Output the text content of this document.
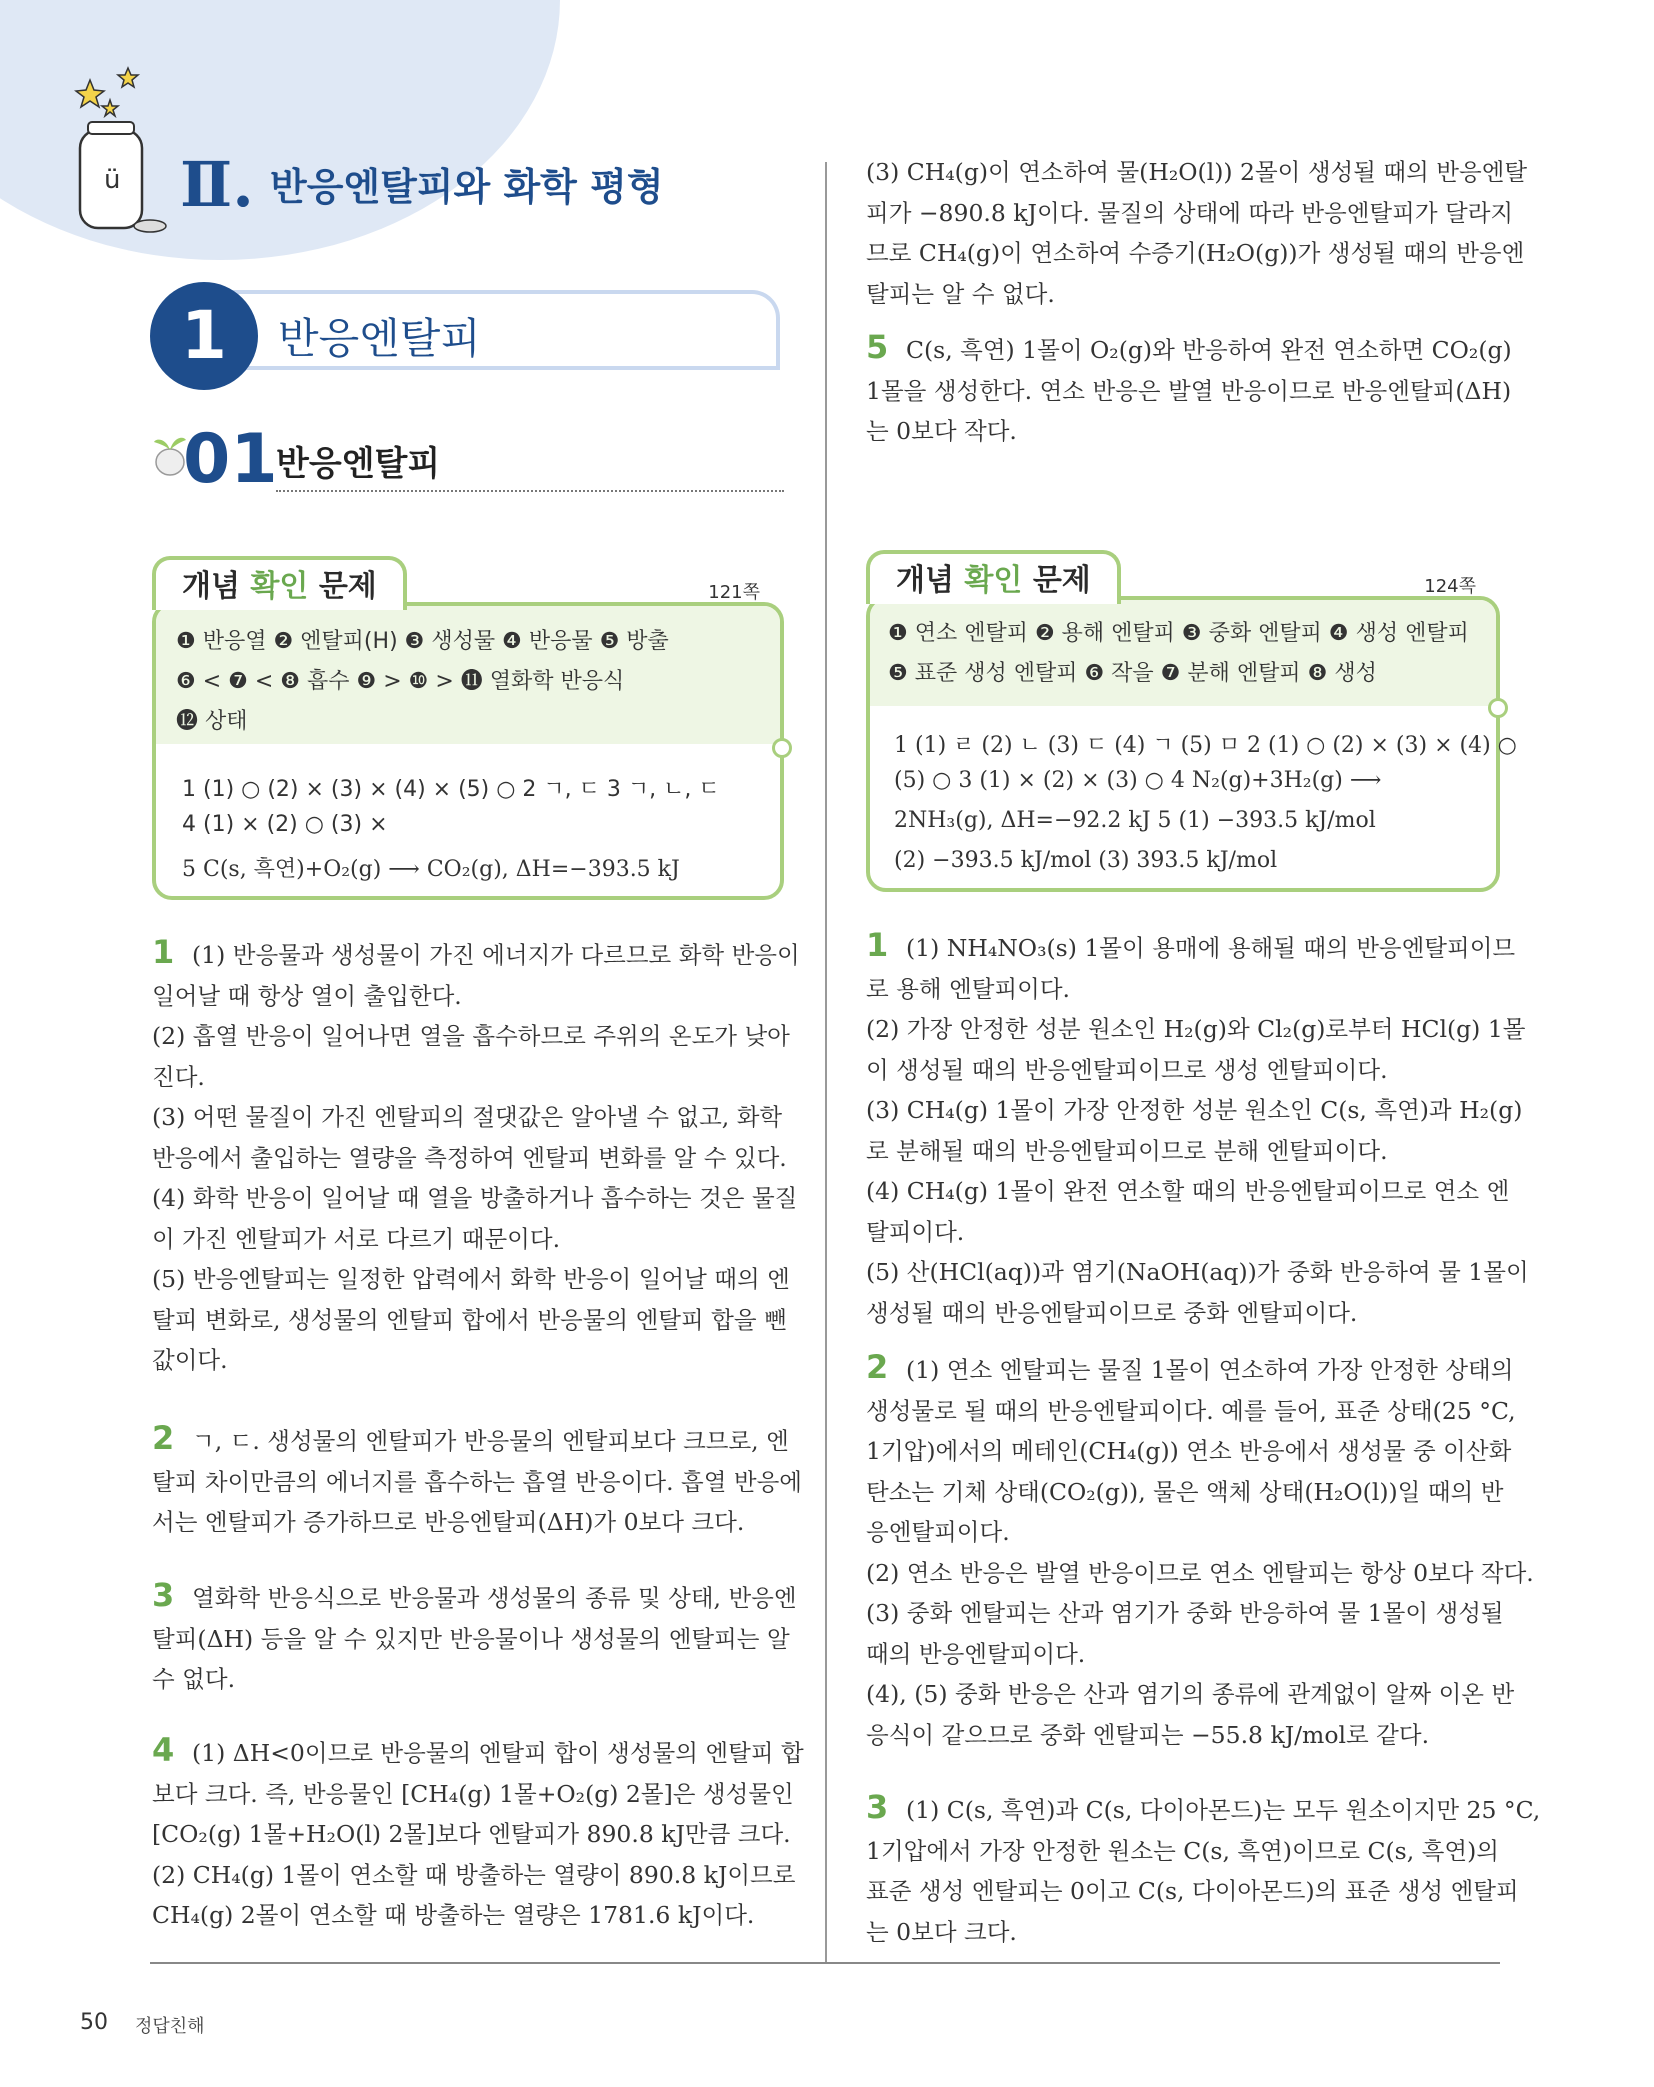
ü Ⅱ. 반응엔탈피와 화학 평형
1	반응엔탈피
01
반응엔탈피
개념 확인 문제	121쪽
❶ 반응열 ❷ 엔탈피(H) ❸ 생성물 ❹ 반응물 ❺ 방출
❻ < ❼ < ❽ 흡수 ❾ > ❿ > ⓫ 열화학 반응식
⓬ 상태
1 (1) ○ (2) × (3) × (4) × (5) ○ 2 ㄱ, ㄷ 3 ㄱ, ㄴ, ㄷ
4 (1) × (2) ○ (3) ×
5 C(s, 흑연)+O₂(g) ⟶ CO₂(g), ΔH=−393.5 kJ
개념 확인 문제	124쪽
❶ 연소 엔탈피 ❷ 용해 엔탈피 ❸ 중화 엔탈피 ❹ 생성 엔탈피
❺ 표준 생성 엔탈피 ❻ 작을 ❼ 분해 엔탈피 ❽ 생성
1 (1) ㄹ (2) ㄴ (3) ㄷ (4) ㄱ (5) ㅁ 2 (1) ○ (2) × (3) × (4) ○
(5) ○ 3 (1) × (2) × (3) ○ 4 N₂(g)+3H₂(g) ⟶
2NH₃(g), ΔH=−92.2 kJ 5 (1) −393.5 kJ/mol
(2) −393.5 kJ/mol (3) 393.5 kJ/mol
1 (1) 반응물과 생성물이 가진 에너지가 다르므로 화학 반응이
일어날 때 항상 열이 출입한다.
(2) 흡열 반응이 일어나면 열을 흡수하므로 주위의 온도가 낮아
진다.
(3) 어떤 물질이 가진 엔탈피의 절댓값은 알아낼 수 없고, 화학
반응에서 출입하는 열량을 측정하여 엔탈피 변화를 알 수 있다.
(4) 화학 반응이 일어날 때 열을 방출하거나 흡수하는 것은 물질
이 가진 엔탈피가 서로 다르기 때문이다.
(5) 반응엔탈피는 일정한 압력에서 화학 반응이 일어날 때의 엔
탈피 변화로, 생성물의 엔탈피 합에서 반응물의 엔탈피 합을 뺀
값이다.
2 ㄱ, ㄷ. 생성물의 엔탈피가 반응물의 엔탈피보다 크므로, 엔
탈피 차이만큼의 에너지를 흡수하는 흡열 반응이다. 흡열 반응에
서는 엔탈피가 증가하므로 반응엔탈피(ΔH)가 0보다 크다.
3 열화학 반응식으로 반응물과 생성물의 종류 및 상태, 반응엔
탈피(ΔH) 등을 알 수 있지만 반응물이나 생성물의 엔탈피는 알
수 없다.
4 (1) ΔH<0이므로 반응물의 엔탈피 합이 생성물의 엔탈피 합
보다 크다. 즉, 반응물인 [CH₄(g) 1몰+O₂(g) 2몰]은 생성물인
[CO₂(g) 1몰+H₂O(l) 2몰]보다 엔탈피가 890.8 kJ만큼 크다.
(2) CH₄(g) 1몰이 연소할 때 방출하는 열량이 890.8 kJ이므로
CH₄(g) 2몰이 연소할 때 방출하는 열량은 1781.6 kJ이다.
(3) CH₄(g)이 연소하여 물(H₂O(l)) 2몰이 생성될 때의 반응엔탈
피가 −890.8 kJ이다. 물질의 상태에 따라 반응엔탈피가 달라지
므로 CH₄(g)이 연소하여 수증기(H₂O(g))가 생성될 때의 반응엔
탈피는 알 수 없다.
5 C(s, 흑연) 1몰이 O₂(g)와 반응하여 완전 연소하면 CO₂(g)
1몰을 생성한다. 연소 반응은 발열 반응이므로 반응엔탈피(ΔH)
는 0보다 작다.
1 (1) NH₄NO₃(s) 1몰이 용매에 용해될 때의 반응엔탈피이므
로 용해 엔탈피이다.
(2) 가장 안정한 성분 원소인 H₂(g)와 Cl₂(g)로부터 HCl(g) 1몰
이 생성될 때의 반응엔탈피이므로 생성 엔탈피이다.
(3) CH₄(g) 1몰이 가장 안정한 성분 원소인 C(s, 흑연)과 H₂(g)
로 분해될 때의 반응엔탈피이므로 분해 엔탈피이다.
(4) CH₄(g) 1몰이 완전 연소할 때의 반응엔탈피이므로 연소 엔
탈피이다.
(5) 산(HCl(aq))과 염기(NaOH(aq))가 중화 반응하여 물 1몰이
생성될 때의 반응엔탈피이므로 중화 엔탈피이다.
2 (1) 연소 엔탈피는 물질 1몰이 연소하여 가장 안정한 상태의
생성물로 될 때의 반응엔탈피이다. 예를 들어, 표준 상태(25 °C,
1기압)에서의 메테인(CH₄(g)) 연소 반응에서 생성물 중 이산화
탄소는 기체 상태(CO₂(g)), 물은 액체 상태(H₂O(l))일 때의 반
응엔탈피이다.
(2) 연소 반응은 발열 반응이므로 연소 엔탈피는 항상 0보다 작다.
(3) 중화 엔탈피는 산과 염기가 중화 반응하여 물 1몰이 생성될
때의 반응엔탈피이다.
(4), (5) 중화 반응은 산과 염기의 종류에 관계없이 알짜 이온 반
응식이 같으므로 중화 엔탈피는 −55.8 kJ/mol로 같다.
3 (1) C(s, 흑연)과 C(s, 다이아몬드)는 모두 원소이지만 25 °C,
1기압에서 가장 안정한 원소는 C(s, 흑연)이므로 C(s, 흑연)의
표준 생성 엔탈피는 0이고 C(s, 다이아몬드)의 표준 생성 엔탈피
는 0보다 크다.
50 정답친해
